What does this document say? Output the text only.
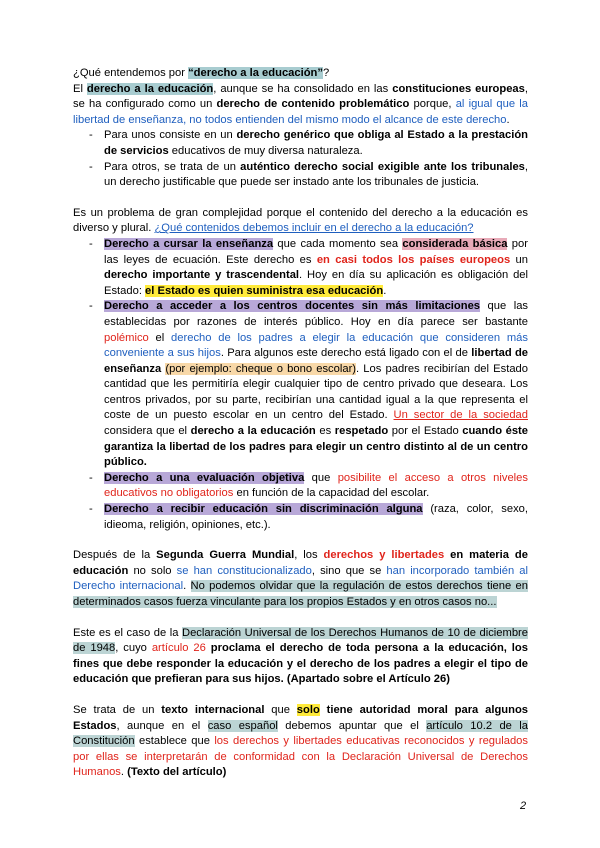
¿Qué entendemos por “derecho a la educación”?

El derecho a la educación, aunque se ha consolidado en las constituciones europeas, se ha configurado como un derecho de contenido problemático porque, al igual que la libertad de enseñanza, no todos entienden del mismo modo el alcance de este derecho.

- Para unos consiste en un derecho genérico que obliga al Estado a la prestación de servicios educativos de muy diversa naturaleza.
- Para otros, se trata de un auténtico derecho social exigible ante los tribunales, un derecho justificable que puede ser instado ante los tribunales de justicia.

Es un problema de gran complejidad porque el contenido del derecho a la educación es diverso y plural. ¿Qué contenidos debemos incluir en el derecho a la educación?

- Derecho a cursar la enseñanza que cada momento sea considerada básica por las leyes de ecuación. Este derecho es en casi todos los países europeos un derecho importante y trascendental. Hoy en día su aplicación es obligación del Estado: el Estado es quien suministra esa educación.
- Derecho a acceder a los centros docentes sin más limitaciones que las establecidas por razones de interés público. Hoy en día parece ser bastante polémico el derecho de los padres a elegir la educación que consideren más conveniente a sus hijos. Para algunos este derecho está ligado con el de libertad de enseñanza (por ejemplo: cheque o bono escolar). Los padres recibirían del Estado cantidad que les permitiría elegir cualquier tipo de centro privado que deseara. Los centros privados, por su parte, recibirían una cantidad igual a la que representa el coste de un puesto escolar en un centro del Estado. Un sector de la sociedad considera que el derecho a la educación es respetado por el Estado cuando éste garantiza la libertad de los padres para elegir un centro distinto al de un centro público.
- Derecho a una evaluación objetiva que posibilite el acceso a otros niveles educativos no obligatorios en función de la capacidad del escolar.
- Derecho a recibir educación sin discriminación alguna (raza, color, sexo, idieoma, religión, opiniones, etc.).

Después de la Segunda Guerra Mundial, los derechos y libertades en materia de educación no solo se han constitucionalizado, sino que se han incorporado también al Derecho internacional. No podemos olvidar que la regulación de estos derechos tiene en determinados casos fuerza vinculante para los propios Estados y en otros casos no...

Este es el caso de la Declaración Universal de los Derechos Humanos de 10 de diciembre de 1948, cuyo artículo 26 proclama el derecho de toda persona a la educación, los fines que debe responder la educación y el derecho de los padres a elegir el tipo de educación que prefieran para sus hijos. (Apartado sobre el Artículo 26)

Se trata de un texto internacional que solo tiene autoridad moral para algunos Estados, aunque en el caso español debemos apuntar que el artículo 10.2 de la Constitución establece que los derechos y libertades educativas reconocidos y regulados por ellas se interpretarán de conformidad con la Declaración Universal de Derechos Humanos. (Texto del artículo)

2
